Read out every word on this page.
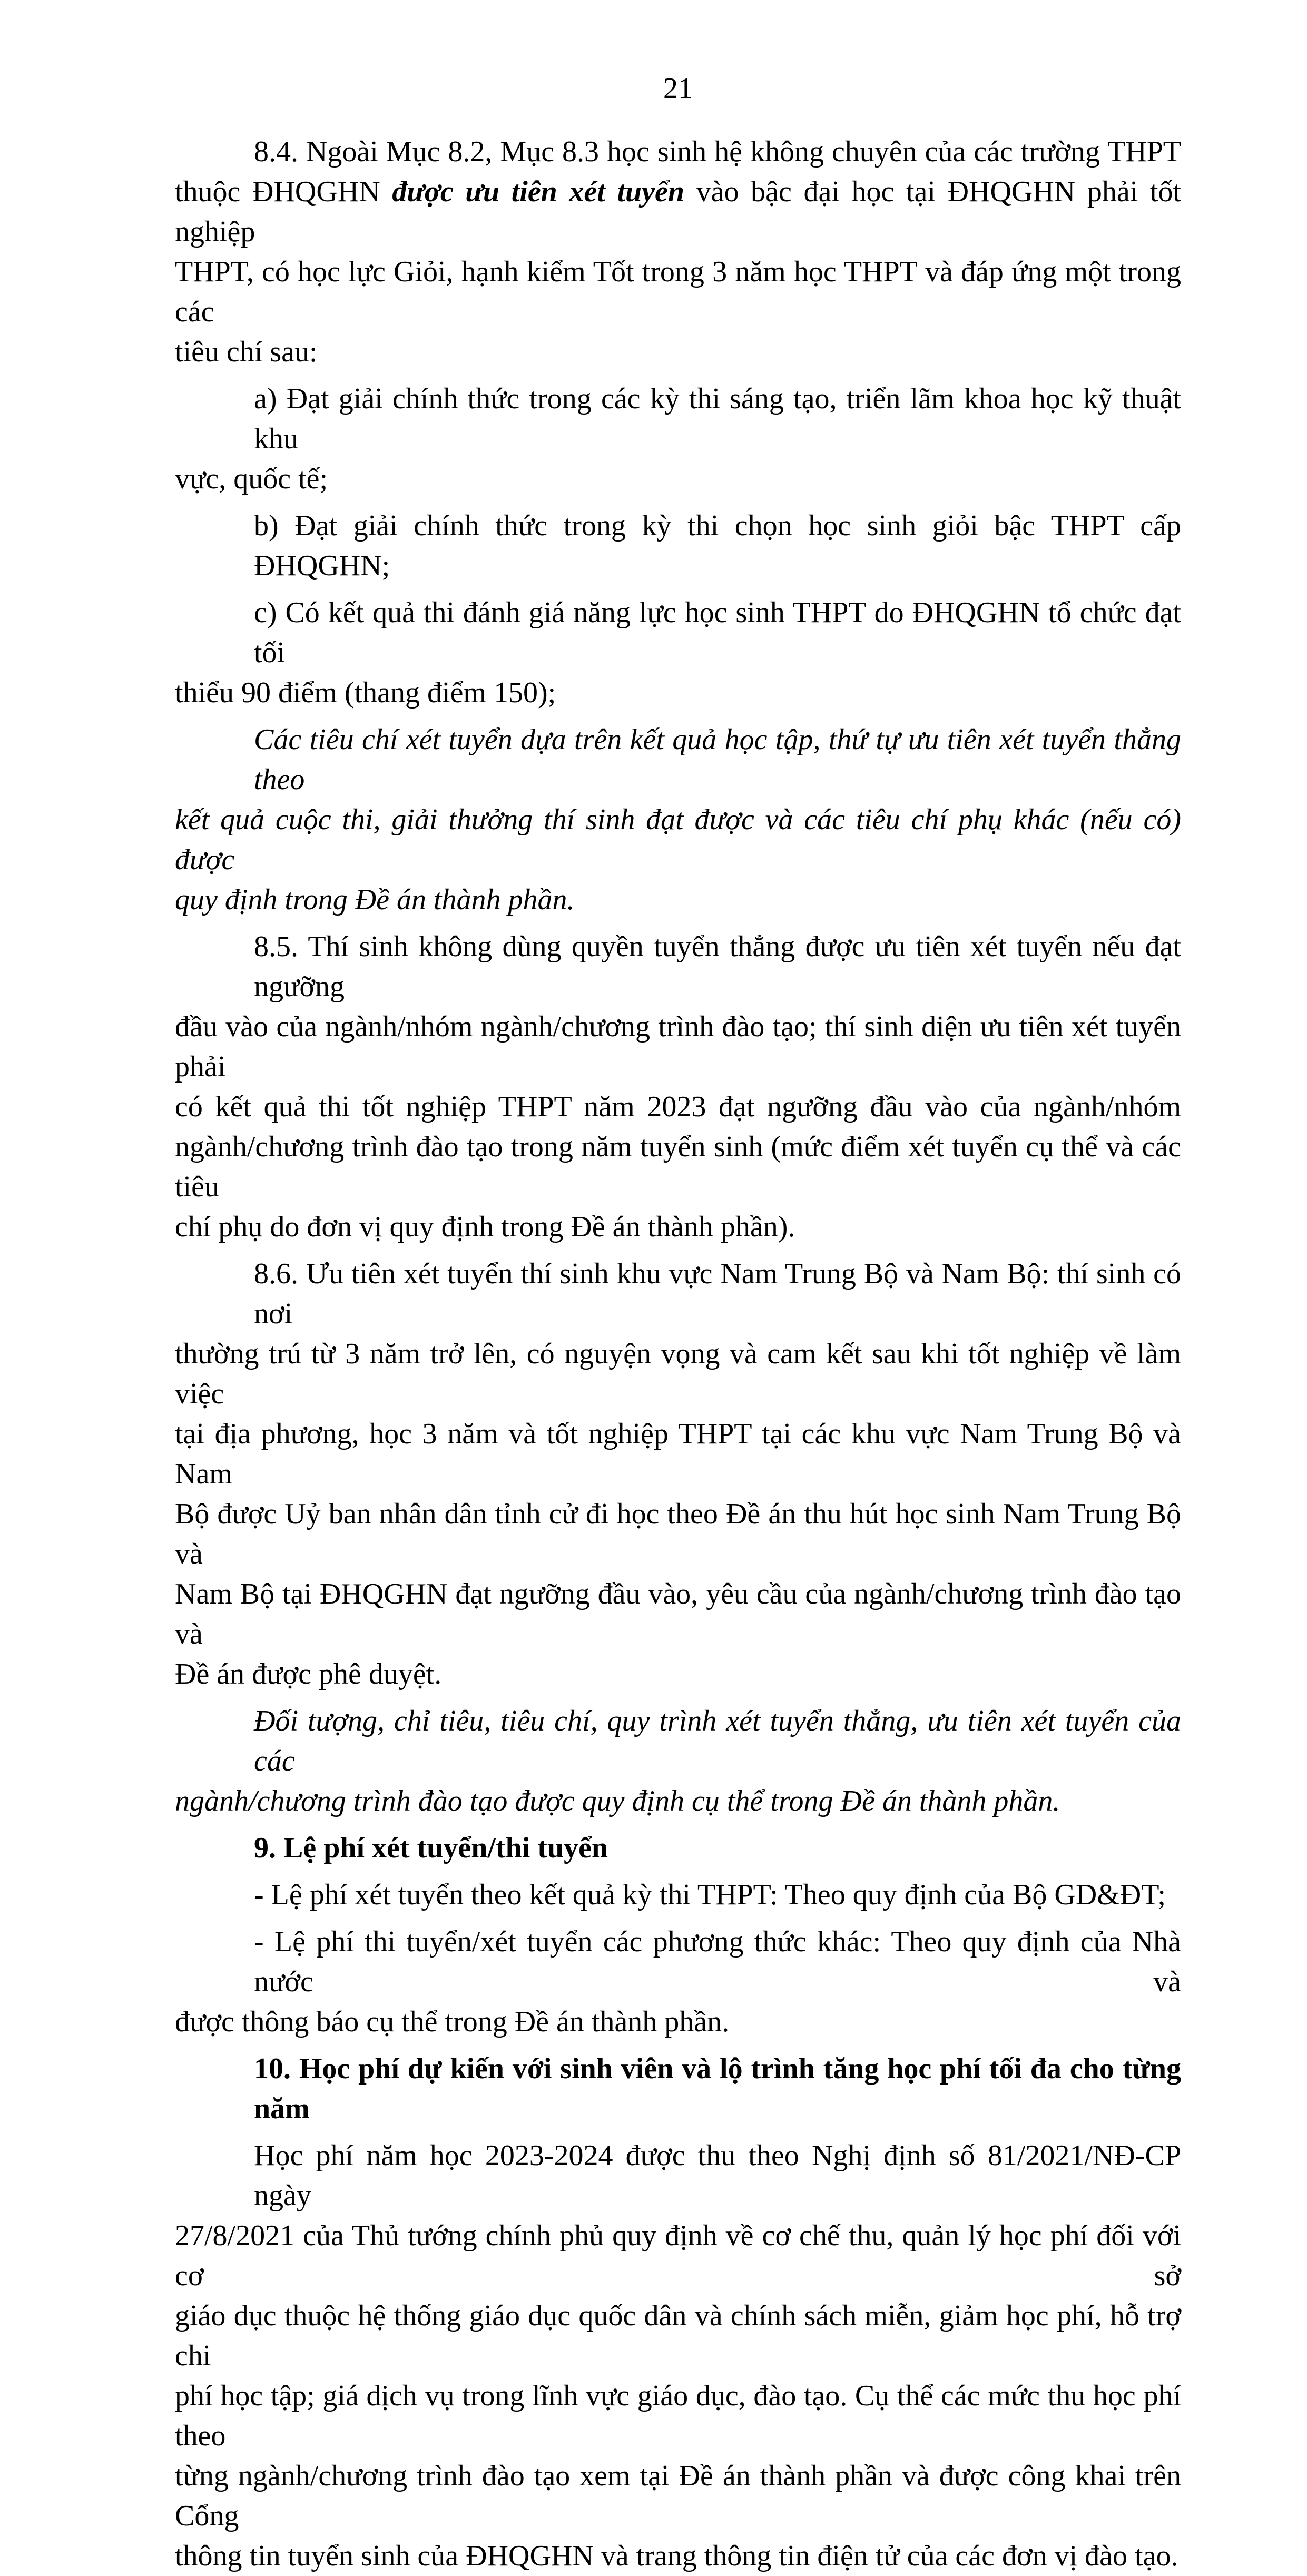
21
8.4. Ngoài Mục 8.2, Mục 8.3 học sinh hệ không chuyên của các trường THPT
thuộc ĐHQGHN được ưu tiên xét tuyển vào bậc đại học tại ĐHQGHN phải tốt nghiệp
THPT, có học lực Giỏi, hạnh kiểm Tốt trong 3 năm học THPT và đáp ứng một trong các
tiêu chí sau:
a) Đạt giải chính thức trong các kỳ thi sáng tạo, triển lãm khoa học kỹ thuật khu
vực, quốc tế;
b) Đạt giải chính thức trong kỳ thi chọn học sinh giỏi bậc THPT cấp ĐHQGHN;
c) Có kết quả thi đánh giá năng lực học sinh THPT do ĐHQGHN tổ chức đạt tối
thiểu 90 điểm (thang điểm 150);
Các tiêu chí xét tuyển dựa trên kết quả học tập, thứ tự ưu tiên xét tuyển thẳng theo
kết quả cuộc thi, giải thưởng thí sinh đạt được và các tiêu chí phụ khác (nếu có) được
quy định trong Đề án thành phần.
8.5. Thí sinh không dùng quyền tuyển thẳng được ưu tiên xét tuyển nếu đạt ngưỡng
đầu vào của ngành/nhóm ngành/chương trình đào tạo; thí sinh diện ưu tiên xét tuyển phải
có kết quả thi tốt nghiệp THPT năm 2023 đạt ngưỡng đầu vào của ngành/nhóm
ngành/chương trình đào tạo trong năm tuyển sinh (mức điểm xét tuyển cụ thể và các tiêu
chí phụ do đơn vị quy định trong Đề án thành phần).
8.6. Ưu tiên xét tuyển thí sinh khu vực Nam Trung Bộ và Nam Bộ: thí sinh có nơi
thường trú từ 3 năm trở lên, có nguyện vọng và cam kết sau khi tốt nghiệp về làm việc
tại địa phương, học 3 năm và tốt nghiệp THPT tại các khu vực Nam Trung Bộ và Nam
Bộ được Uỷ ban nhân dân tỉnh cử đi học theo Đề án thu hút học sinh Nam Trung Bộ và
Nam Bộ tại ĐHQGHN đạt ngưỡng đầu vào, yêu cầu của ngành/chương trình đào tạo và
Đề án được phê duyệt.
Đối tượng, chỉ tiêu, tiêu chí, quy trình xét tuyển thẳng, ưu tiên xét tuyển của các
ngành/chương trình đào tạo được quy định cụ thể trong Đề án thành phần.
9. Lệ phí xét tuyển/thi tuyển
- Lệ phí xét tuyển theo kết quả kỳ thi THPT: Theo quy định của Bộ GD&ĐT;
- Lệ phí thi tuyển/xét tuyển các phương thức khác: Theo quy định của Nhà nước và
được thông báo cụ thể trong Đề án thành phần.
10. Học phí dự kiến với sinh viên và lộ trình tăng học phí tối đa cho từng năm
Học phí năm học 2023-2024 được thu theo Nghị định số 81/2021/NĐ-CP ngày
27/8/2021 của Thủ tướng chính phủ quy định về cơ chế thu, quản lý học phí đối với cơ sở
giáo dục thuộc hệ thống giáo dục quốc dân và chính sách miễn, giảm học phí, hỗ trợ chi
phí học tập; giá dịch vụ trong lĩnh vực giáo dục, đào tạo. Cụ thể các mức thu học phí theo
từng ngành/chương trình đào tạo xem tại Đề án thành phần và được công khai trên Cổng
thông tin tuyển sinh của ĐHQGHN và trang thông tin điện tử của các đơn vị đào tạo.
